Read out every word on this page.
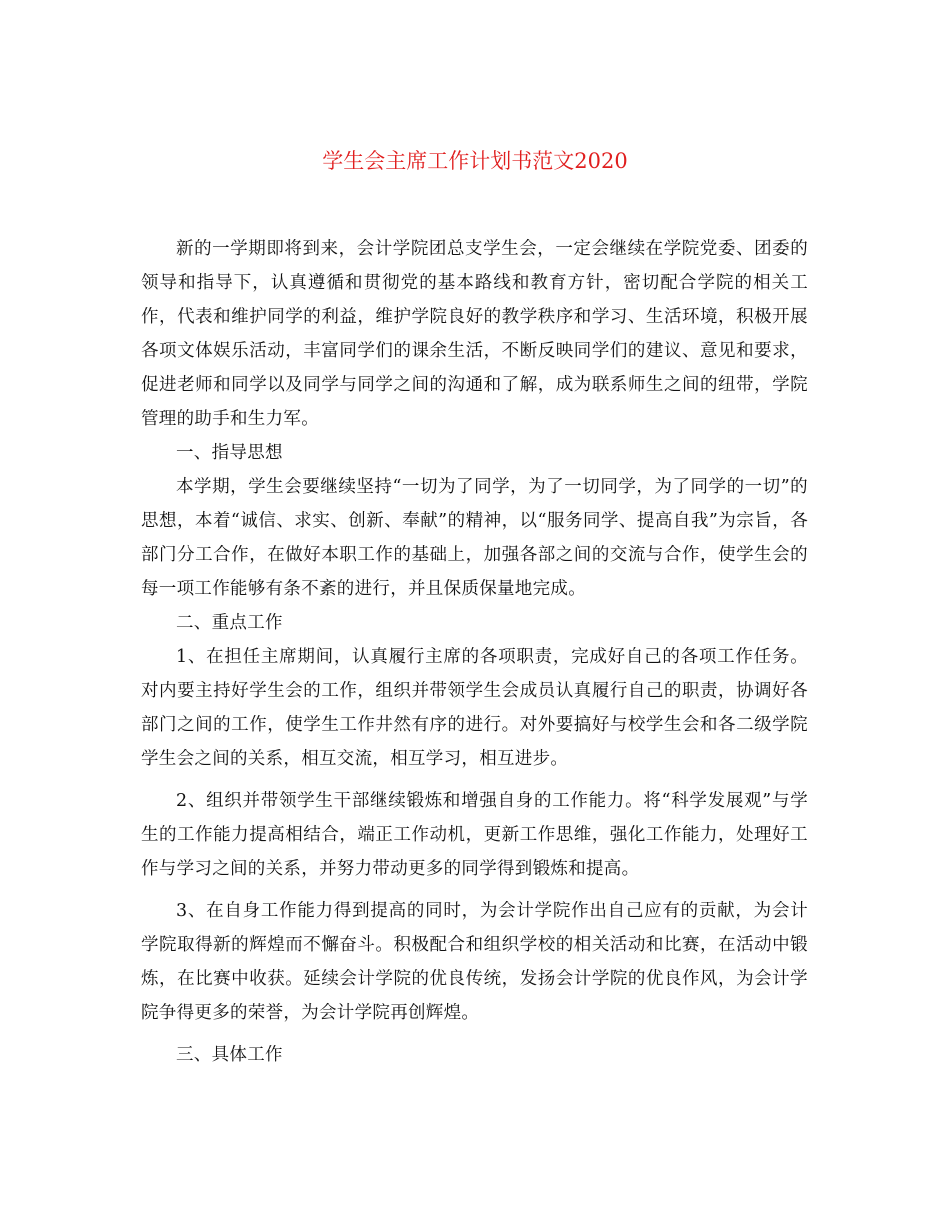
学生会主席工作计划书范文2020

新的一学期即将到来，会计学院团总支学生会，一定会继续在学院党委、团委的领导和指导下，认真遵循和贯彻党的基本路线和教育方针，密切配合学院的相关工作，代表和维护同学的利益，维护学院良好的教学秩序和学习、生活环境，积极开展各项文体娱乐活动，丰富同学们的课余生活，不断反映同学们的建议、意见和要求，促进老师和同学以及同学与同学之间的沟通和了解，成为联系师生之间的纽带，学院管理的助手和生力军。

一、指导思想

本学期，学生会要继续坚持“一切为了同学，为了一切同学，为了同学的一切”的思想，本着“诚信、求实、创新、奉献”的精神，以“服务同学、提高自我”为宗旨，各部门分工合作，在做好本职工作的基础上，加强各部之间的交流与合作，使学生会的每一项工作能够有条不紊的进行，并且保质保量地完成。

二、重点工作

1、在担任主席期间，认真履行主席的各项职责，完成好自己的各项工作任务。对内要主持好学生会的工作，组织并带领学生会成员认真履行自己的职责，协调好各部门之间的工作，使学生工作井然有序的进行。对外要搞好与校学生会和各二级学院学生会之间的关系，相互交流，相互学习，相互进步。

2、组织并带领学生干部继续锻炼和增强自身的工作能力。将“科学发展观”与学生的工作能力提高相结合，端正工作动机，更新工作思维，强化工作能力，处理好工作与学习之间的关系，并努力带动更多的同学得到锻炼和提高。

3、在自身工作能力得到提高的同时，为会计学院作出自己应有的贡献，为会计学院取得新的辉煌而不懈奋斗。积极配合和组织学校的相关活动和比赛，在活动中锻炼，在比赛中收获。延续会计学院的优良传统，发扬会计学院的优良作风，为会计学院争得更多的荣誉，为会计学院再创辉煌。

三、具体工作
